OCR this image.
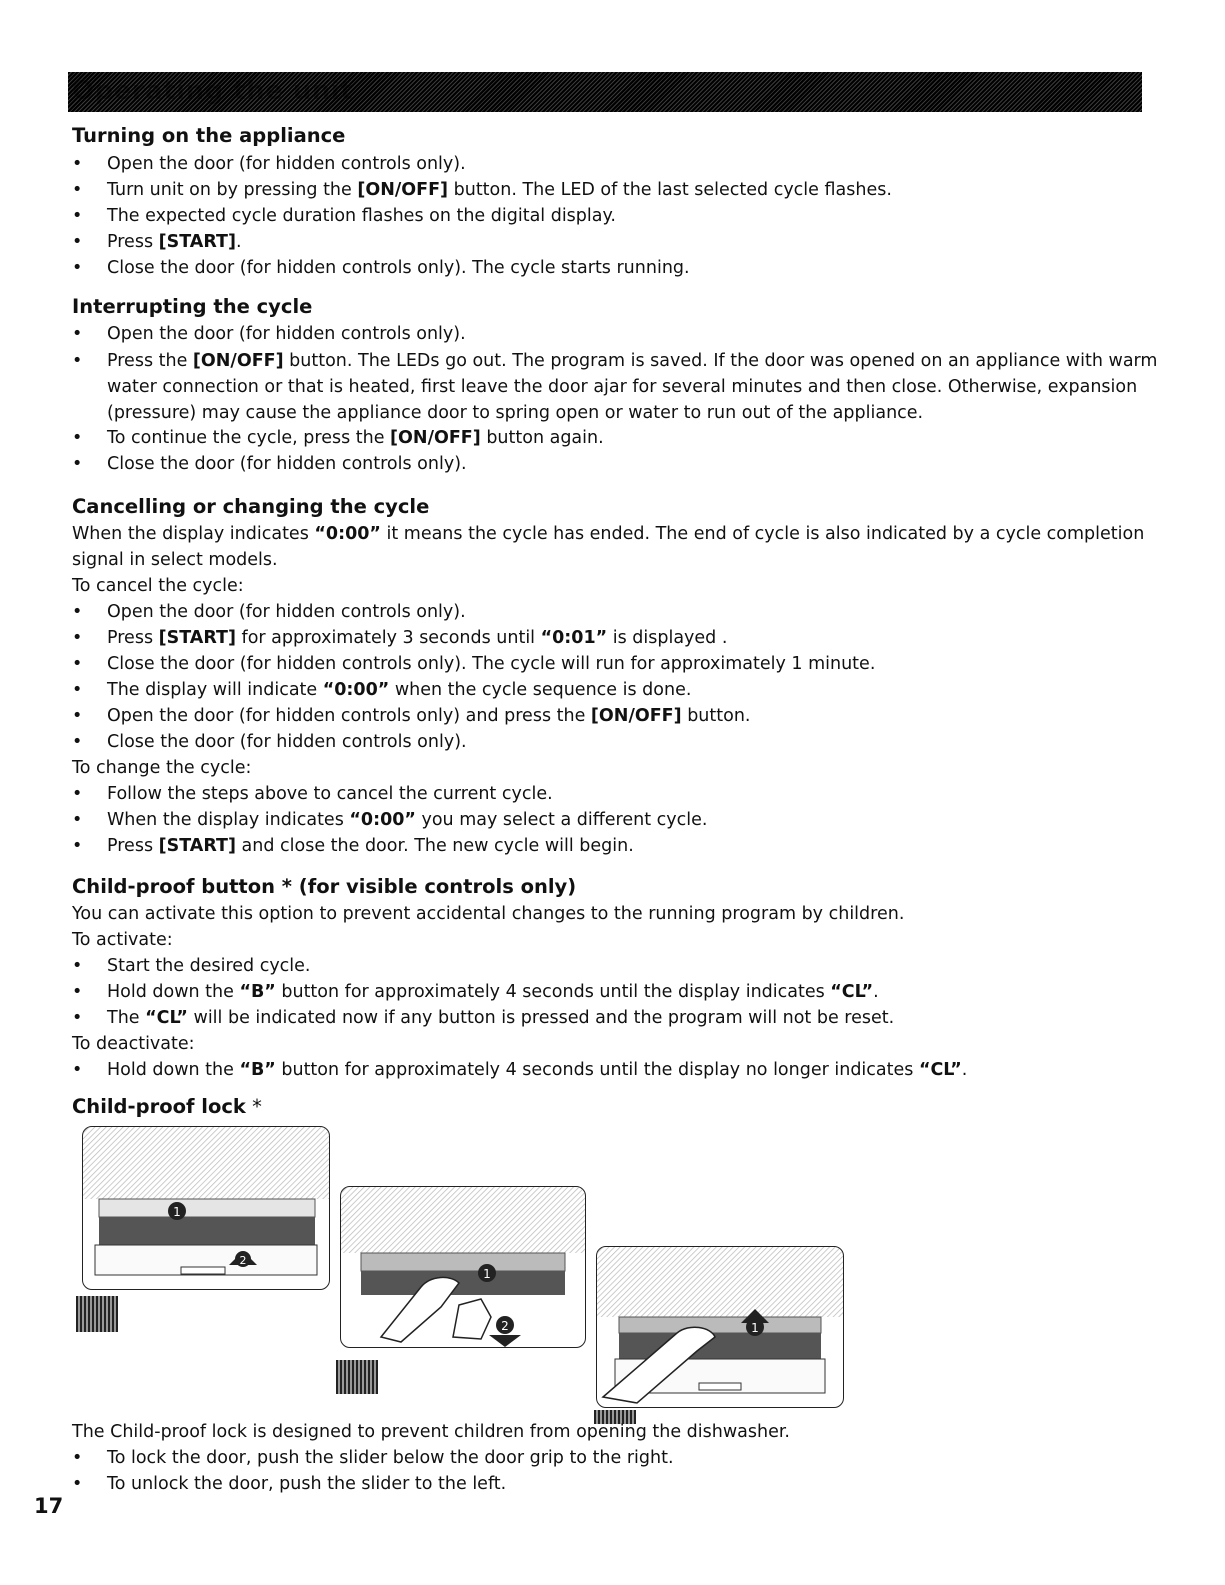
Operating the unit
Turning on the appliance
• Open the door (for hidden controls only).
• Turn unit on by pressing the [ON/OFF] button. The LED of the last selected cycle flashes.
• The expected cycle duration flashes on the digital display.
• Press [START].
• Close the door (for hidden controls only). The cycle starts running.
Interrupting the cycle
• Open the door (for hidden controls only).
• Press the [ON/OFF] button. The LEDs go out. The program is saved. If the door was opened on an appliance with warm water connection or that is heated, first leave the door ajar for several minutes and then close. Otherwise, expansion (pressure) may cause the appliance door to spring open or water to run out of the appliance.
• To continue the cycle, press the [ON/OFF] button again.
• Close the door (for hidden controls only).
Cancelling or changing the cycle
When the display indicates “0:00” it means the cycle has ended. The end of cycle is also indicated by a cycle completion
signal in select models.
To cancel the cycle:
• Open the door (for hidden controls only).
• Press [START] for approximately 3 seconds until “0:01” is displayed .
• Close the door (for hidden controls only). The cycle will run for approximately 1 minute.
• The display will indicate “0:00” when the cycle sequence is done.
• Open the door (for hidden controls only) and press the [ON/OFF] button.
• Close the door (for hidden controls only).
To change the cycle:
• Follow the steps above to cancel the current cycle.
• When the display indicates “0:00” you may select a different cycle.
• Press [START] and close the door. The new cycle will begin.
Child-proof button * (for visible controls only)
You can activate this option to prevent accidental changes to the running program by children.
To activate:
• Start the desired cycle.
• Hold down the “B” button for approximately 4 seconds until the display indicates “CL”.
• The “CL” will be indicated now if any button is pressed and the program will not be reset.
To deactivate:
• Hold down the “B” button for approximately 4 seconds until the display no longer indicates “CL”.
Child-proof lock *
1
2
1
2	1
The Child-proof lock is designed to prevent children from opening the dishwasher.
• To lock the door, push the slider below the door grip to the right.
• To unlock the door, push the slider to the left.
17
